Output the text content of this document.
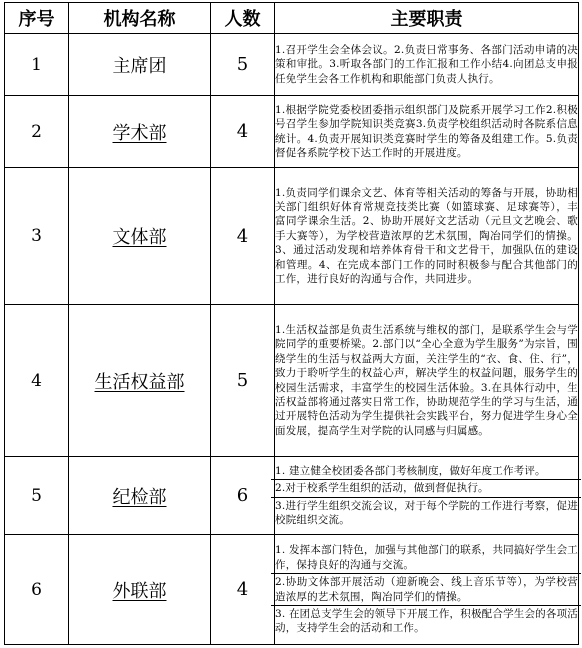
序号	机构名称	人数	主要职责
1	主席团	5	1.召开学生会全体会议。2.负责日常事务、各部门活动申请的决策和审批。3.听取各部门的工作汇报和工作小结4.向团总支申报任免学生会各工作机构和职能部门负责人执行。

2	学术部	4	1.根据学院党委校团委指示组织部门及院系开展学习工作2.积极号召学生参加学院知识类竞赛3.负责学校组织活动时各院系信息统计。4.负责开展知识类竞赛时学生的筹备及组建工作。5.负责督促各系院学校下达工作时的开展进度。

3	文体部	4	1.负责同学们课余文艺、体育等相关活动的筹备与开展，协助相关部门组织好体育常规竞技类比赛（如篮球赛、足球赛等），丰富同学课余生活。2、协助开展好文艺活动（元旦文艺晚会、歌手大赛等），为学校营造浓厚的艺术氛围，陶冶同学们的情操。3、通过活动发现和培养体育骨干和文艺骨干，加强队伍的建设和管理。4、在完成本部门工作的同时积极参与配合其他部门的工作，进行良好的沟通与合作，共同进步。

4	生活权益部	5	1.生活权益部是负责生活系统与维权的部门，是联系学生会与学院同学的重要桥梁。2.部门以“全心全意为学生服务”为宗旨，围绕学生的生活与权益两大方面，关注学生的“衣、食、住、行”，致力于聆听学生的权益心声，解决学生的权益问题，服务学生的校园生活需求，丰富学生的校园生活体验。3.在具体行动中，生活权益部将通过落实日常工作，协助规范学生的学习与生活，通过开展特色活动为学生提供社会实践平台，努力促进学生身心全面发展，提高学生对学院的认同感与归属感。

5	纪检部	6	1. 建立健全校团委各部门考核制度，做好年度工作考评。
2.对于校系学生组织的活动，做到督促执行。
3.进行学生组织交流会议，对于每个学院的工作进行考察，促进校院组织交流。

6	外联部	4	1. 发挥本部门特色，加强与其他部门的联系，共同搞好学生会工作，保持良好的沟通与交流。
2.协助文体部开展活动（迎新晚会、线上音乐节等），为学校营造浓厚的艺术氛围，陶冶同学们的情操。
3. 在团总支学生会的领导下开展工作，积极配合学生会的各项活动，支持学生会的活动和工作。
